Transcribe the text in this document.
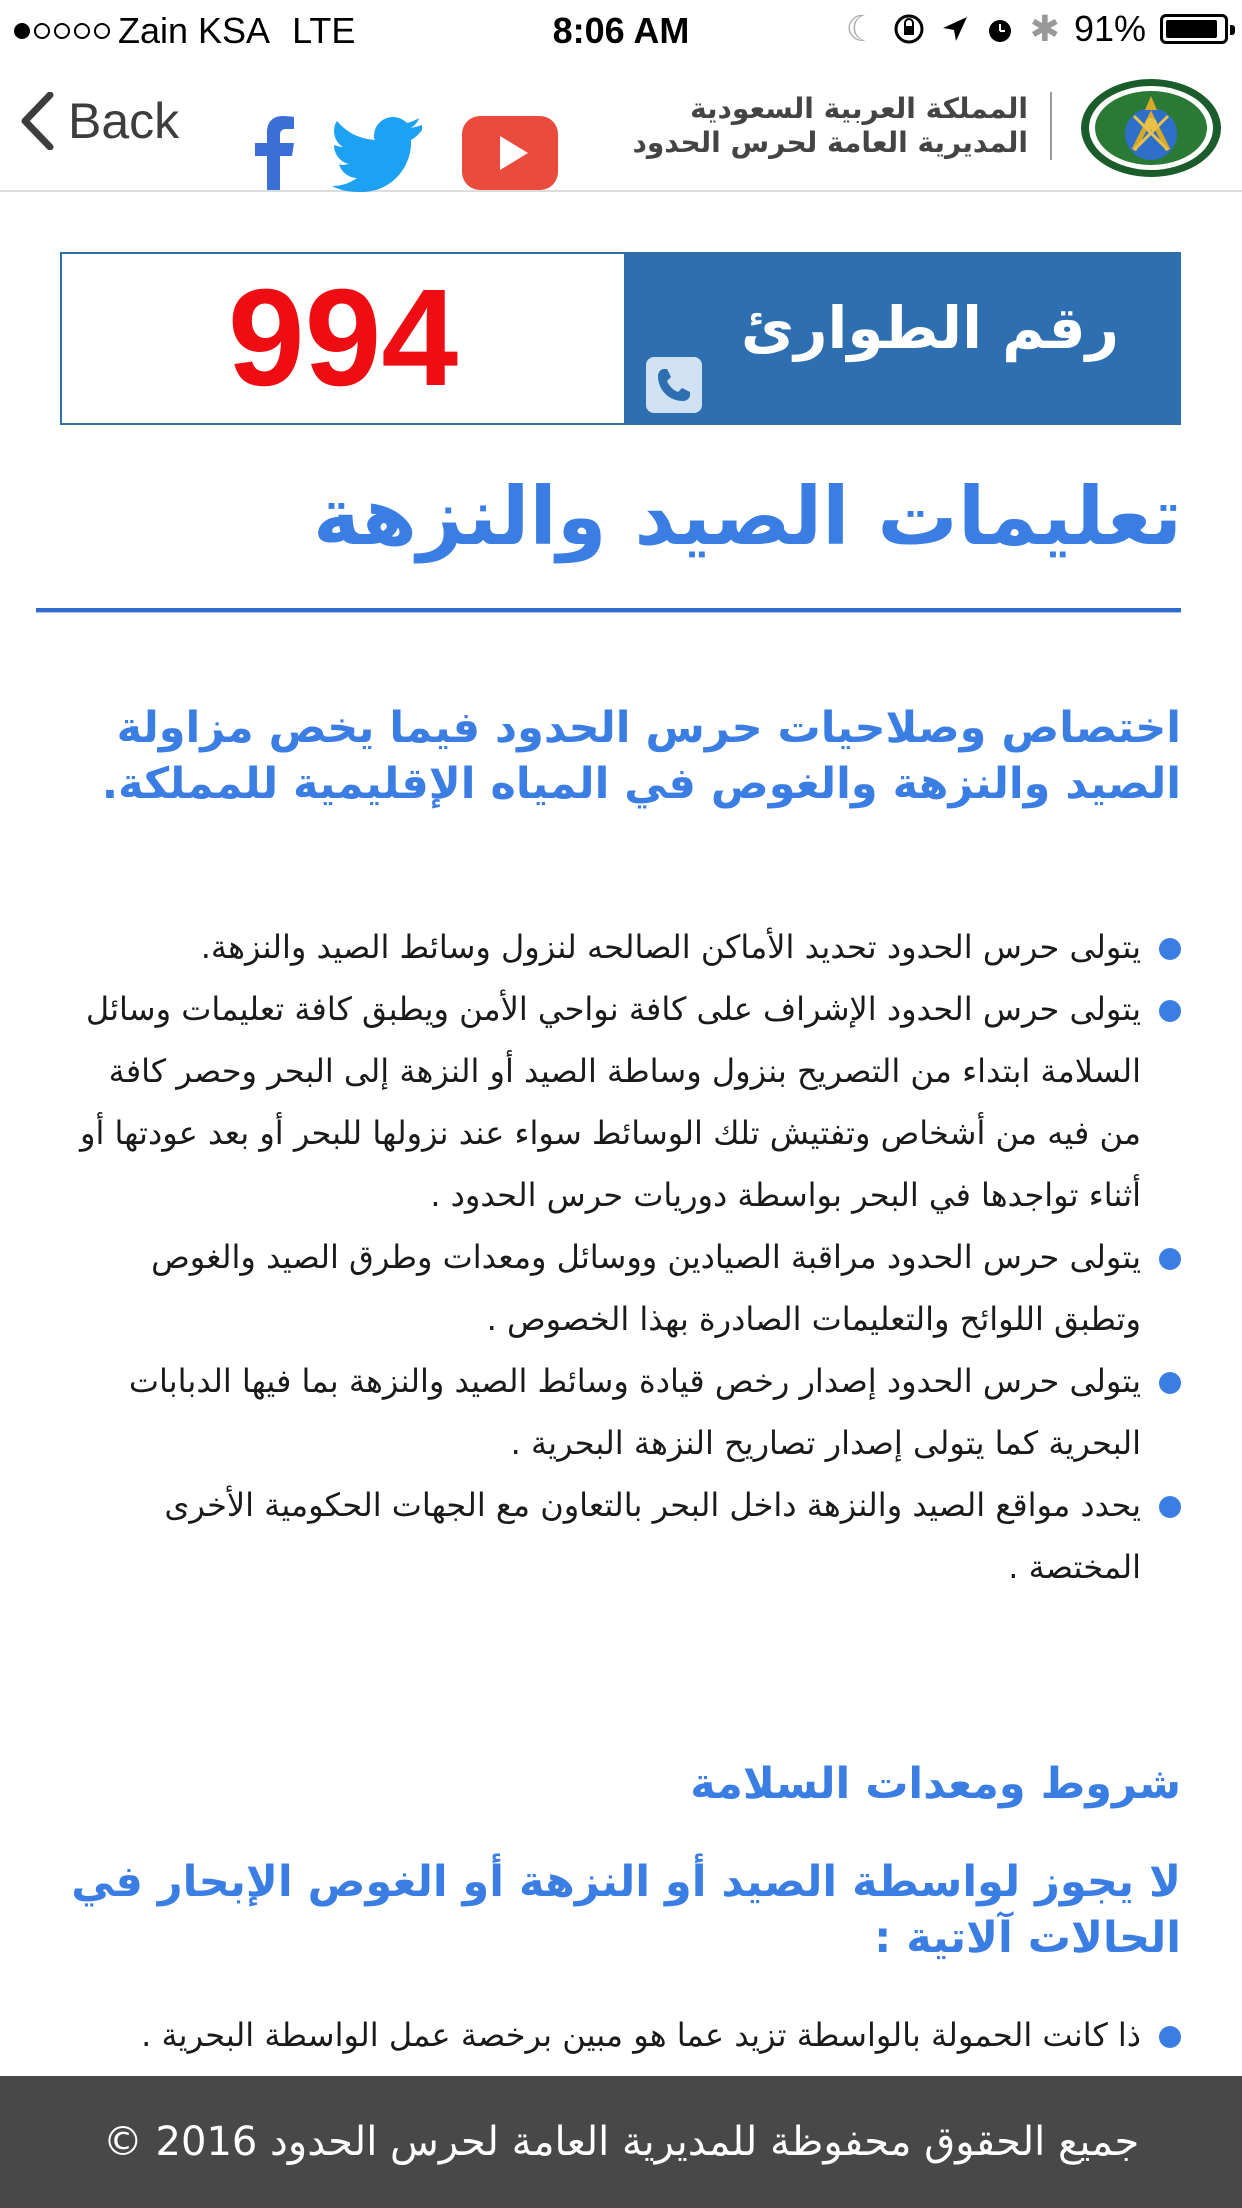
Zain KSA LTE	8:06 AM	☾	✱ 91%
Back	المملكة العربية السعودية
المديرية العامة لحرس الحدود
994	رقم الطوارئ
تعليمات الصيد والنزهة
اختصاص وصلاحيات حرس الحدود فيما يخص مزاولة الصيد والنزهة والغوص في المياه الإقليمية للمملكة.
يتولى حرس الحدود تحديد الأماكن الصالحه لنزول وسائط الصيد والنزهة.
يتولى حرس الحدود الإشراف على كافة نواحي الأمن ويطبق كافة تعليمات وسائل السلامة ابتداء من التصريح بنزول وساطة الصيد أو النزهة إلى البحر وحصر كافة من فيه من أشخاص وتفتيش تلك الوسائط سواء عند نزولها للبحر أو بعد عودتها أو أثناء تواجدها في البحر بواسطة دوريات حرس الحدود .
يتولى حرس الحدود مراقبة الصيادين ووسائل ومعدات وطرق الصيد والغوص وتطبق اللوائح والتعليمات الصادرة بهذا الخصوص .
يتولى حرس الحدود إصدار رخص قيادة وسائط الصيد والنزهة بما فيها الدبابات البحرية كما يتولى إصدار تصاريح النزهة البحرية .
يحدد مواقع الصيد والنزهة داخل البحر بالتعاون مع الجهات الحكومية الأخرى المختصة .
شروط ومعدات السلامة
لا يجوز لواسطة الصيد أو النزهة أو الغوص الإبحار في الحالات آلاتية :
ذا كانت الحمولة بالواسطة تزيد عما هو مبين برخصة عمل الواسطة البحرية .
جميع الحقوق محفوظة للمديرية العامة لحرس الحدود 2016 ©
